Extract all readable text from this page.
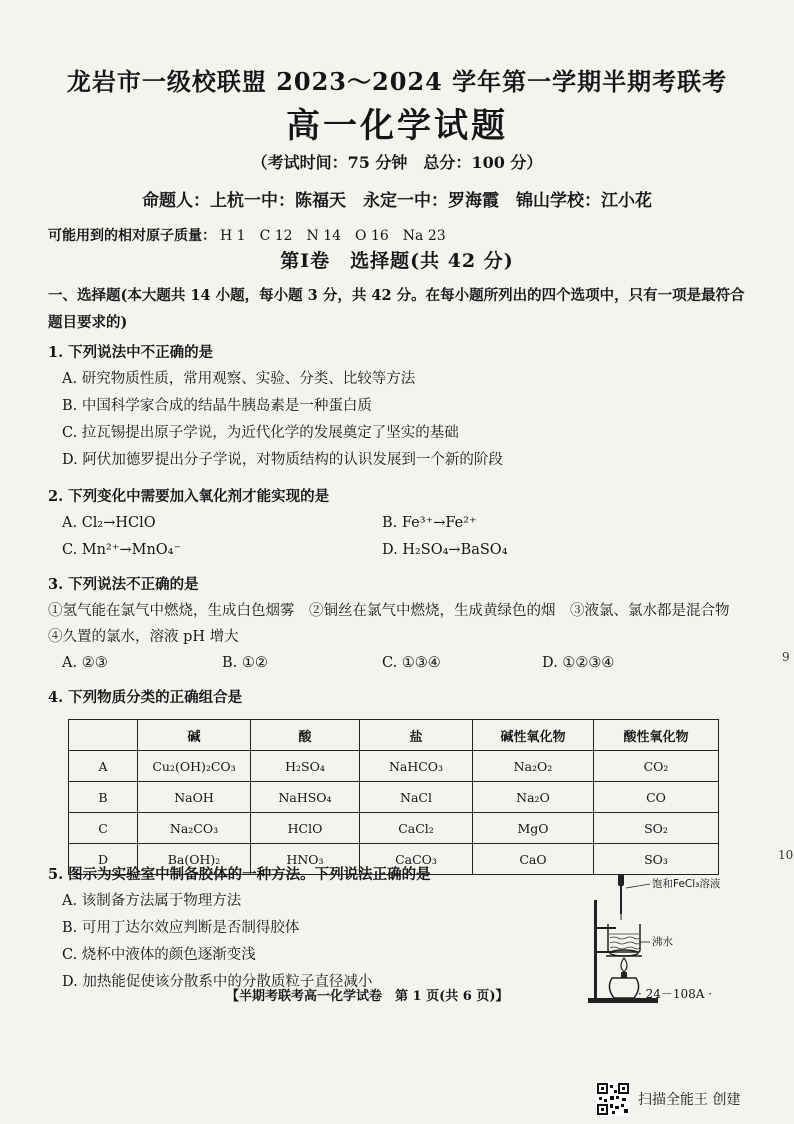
龙岩市一级校联盟 2023～2024 学年第一学期半期考联考
高一化学试题
（考试时间：75 分钟　总分：100 分）
命题人：上杭一中：陈福天　永定一中：罗海霞　锦山学校：江小花
可能用到的相对原子质量： H 1　C 12　N 14　O 16　Na 23
第Ⅰ卷　选择题(共 42 分)
一、选择题(本大题共 14 小题，每小题 3 分，共 42 分。在每小题所列出的四个选项中，只有一项是最符合题目要求的)
1. 下列说法中不正确的是
A. 研究物质性质，常用观察、实验、分类、比较等方法
B. 中国科学家合成的结晶牛胰岛素是一种蛋白质
C. 拉瓦锡提出原子学说，为近代化学的发展奠定了坚实的基础
D. 阿伏加德罗提出分子学说，对物质结构的认识发展到一个新的阶段
2. 下列变化中需要加入氧化剂才能实现的是
A. Cl₂→HClO	B. Fe³⁺→Fe²⁺
C. Mn²⁺→MnO₄⁻	D. H₂SO₄→BaSO₄
3. 下列说法不正确的是
①氢气能在氯气中燃烧，生成白色烟雾　②铜丝在氯气中燃烧，生成黄绿色的烟　③液氯、氯水都是混合物　④久置的氯水，溶液 pH 增大
A. ②③	B. ①②	C. ①③④	D. ①②③④
4. 下列物质分类的正确组合是
	碱	酸	盐	碱性氧化物	酸性氧化物
A	Cu₂(OH)₂CO₃	H₂SO₄	NaHCO₃	Na₂O₂	CO₂
B	NaOH	NaHSO₄	NaCl	Na₂O	CO
C	Na₂CO₃	HClO	CaCl₂	MgO	SO₂
D	Ba(OH)₂	HNO₃	CaCO₃	CaO	SO₃
5. 图示为实验室中制备胶体的一种方法。下列说法正确的是
A. 该制备方法属于物理方法
B. 可用丁达尔效应判断是否制得胶体
C. 烧杯中液体的颜色逐渐变浅
D. 加热能促使该分散系中的分散质粒子直径减小
饱和FeCl₃溶液
沸水
【半期考联考高一化学试卷　第 1 页(共 6 页)】	· 24－108A ·
9
10
扫描全能王 创建
